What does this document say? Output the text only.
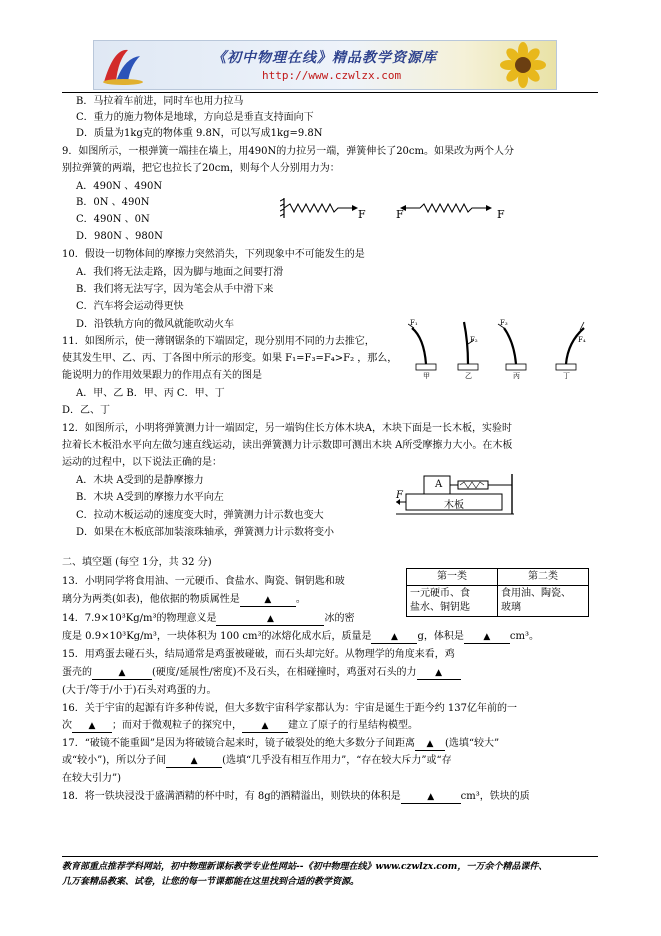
《初中物理在线》精品教学资源库
http://www.czwlzx.com
B．马拉着车前进，同时车也用力拉马
C．重力的施力物体是地球，方向总是垂直支持面向下
D．质量为1kg克的物体重 9.8N，可以写成1kg=9.8N
9．如图所示，一根弹簧一端挂在墙上，用490N的力拉另一端，弹簧伸长了20cm。如果改为两个人分
别拉弹簧的两端，把它也拉长了20cm，则每个人分别用力为：
A．490N 、490N
B．0N 、490N
C．490N 、0N
D．980N 、980N
F	F	F
10．假设一切物体间的摩擦力突然消失，下列现象中不可能发生的是
A．我们将无法走路，因为脚与地面之间要打滑
B．我们将无法写字，因为笔会从手中滑下来
C．汽车将会运动得更快
D．沿铁轨方向的微风就能吹动火车
11．如图所示，使一薄钢锯条的下端固定，现分别用不同的力去推它，
使其发生甲、乙、丙、丁各图中所示的形变。如果 F₁=F₃=F₄>F₂ ，那么，
能说明力的作用效果跟力的作用点有关的图是
A．甲、乙 B．甲、丙 C．甲、丁
D．乙、丁
甲	乙	丙	丁
F₁
F₂
F₃
F₄
12．如图所示，小明将弹簧测力计一端固定，另一端钩住长方体木块A，木块下面是一长木板，实验时
拉着长木板沿水平向左做匀速直线运动，读出弹簧测力计示数即可测出木块 A所受摩擦力大小。在木板
运动的过程中，以下说法正确的是：
A．木块 A受到的是静摩擦力
B．木块 A受到的摩擦力水平向左
C．拉动木板运动的速度变大时，弹簧测力计示数也变大
D．如果在木板底部加装滚珠轴承，弹簧测力计示数将变小
A
木板
F
二、填空题 (每空 1分，共 32 分)
13．小明同学将食用油、一元硬币、食盐水、陶瓷、铜钥匙和玻
璃分为两类(如表)，他依据的物质属性是	▲ 。
第一类	第二类
一元硬币、食
盐水、铜钥匙	食用油、陶瓷、
玻璃
14．7.9×10³Kg/m³的物理意义是	▲	冰的密
度是 0.9×10³Kg/m³，一块体积为 100 cm³的冰熔化成水后，质量是 ▲ g，体积是 ▲ cm³。
15．用鸡蛋去碰石头，结局通常是鸡蛋被碰破，而石头却完好。从物理学的角度来看，鸡
蛋壳的	▲	(硬度/延展性/密度)不及石头，在相碰撞时，鸡蛋对石头的力 ▲
(大于/等于/小于)石头对鸡蛋的力。
16．关于宇宙的起源有许多种传说，但大多数宇宙科学家都认为：宇宙是诞生于距今约 137亿年前的一
次 ▲ ；而对于微观粒子的探究中， ▲ 建立了原子的行星结构模型。
17．“破镜不能重圆”是因为将破镜合起来时，镜子破裂处的绝大多数分子间距离 ▲ (选填“较大”
或“较小”)，所以分子间	▲ (选填“几乎没有相互作用力”，“存在较大斥力”或“存
在较大引力”)
18．将一铁块浸没于盛满酒精的杯中时，有 8g的酒精溢出，则铁块的体积是	▲	cm³，铁块的质
教育部重点推荐学科网站，初中物理新课标教学专业性网站--《初中物理在线》www.czwlzx.com，一万余个精品课件、
几万套精品教案、试卷，让您的每一节课都能在这里找到合适的教学资源。
